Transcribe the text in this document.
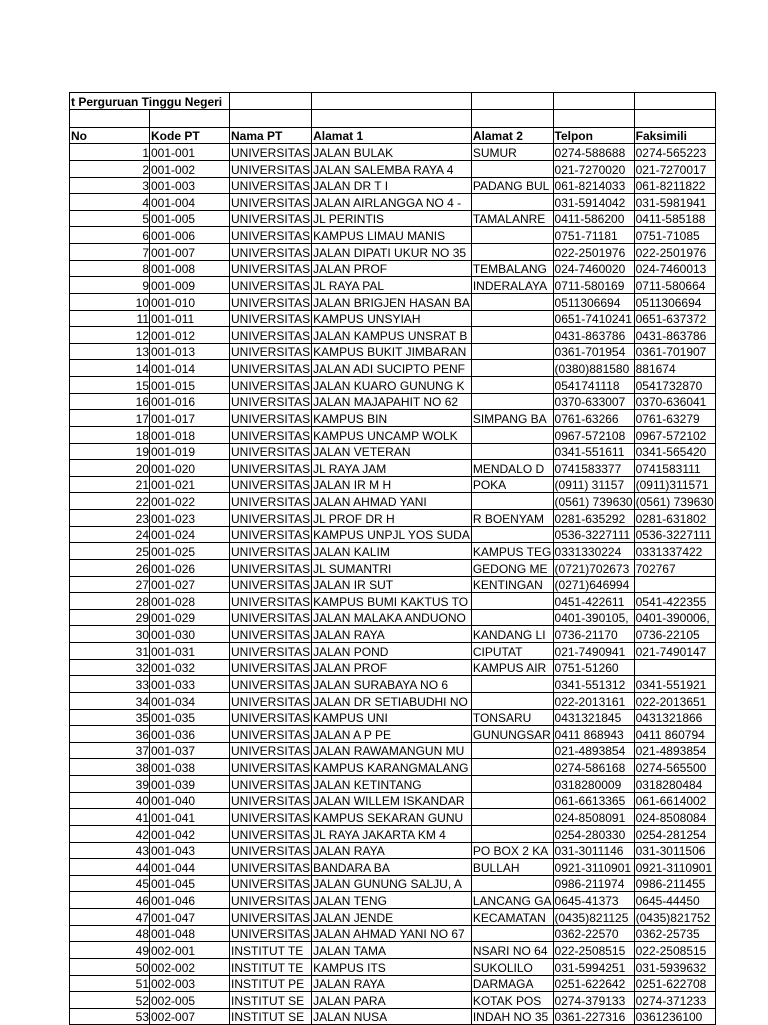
t Perguruan Tinggu Negeri						

No	Kode PT	Nama PT	Alamat 1	Alamat 2	Telpon	Faksimili
1	001-001	UNIVERSITAS	JALAN BULAK	SUMUR	0274-588688	0274-565223
2	001-002	UNIVERSITAS	JALAN SALEMBA RAYA 4		021-7270020	021-7270017
3	001-003	UNIVERSITAS	JALAN DR T I	PADANG BUL	061-8214033	061-8211822
4	001-004	UNIVERSITAS	JALAN AIRLANGGA NO 4 -		031-5914042	031-5981941
5	001-005	UNIVERSITAS	JL PERINTIS	TAMALANRE	0411-586200	0411-585188
6	001-006	UNIVERSITAS	KAMPUS LIMAU MANIS		0751-71181	0751-71085
7	001-007	UNIVERSITAS	JALAN DIPATI UKUR NO 35		022-2501976	022-2501976
8	001-008	UNIVERSITAS	JALAN PROF	TEMBALANG	024-7460020	024-7460013
9	001-009	UNIVERSITAS	JL RAYA PAL	INDERALAYA	0711-580169	0711-580664
10	001-010	UNIVERSITAS	JALAN BRIGJEN HASAN BA		0511306694	0511306694
11	001-011	UNIVERSITAS	KAMPUS UNSYIAH		0651-7410241	0651-637372
12	001-012	UNIVERSITAS	JALAN KAMPUS UNSRAT B		0431-863786	0431-863786
13	001-013	UNIVERSITAS	KAMPUS BUKIT JIMBARAN		0361-701954	0361-701907
14	001-014	UNIVERSITAS	JALAN ADI SUCIPTO PENF		(0380)881580	881674
15	001-015	UNIVERSITAS	JALAN KUARO GUNUNG K		0541741118	0541732870
16	001-016	UNIVERSITAS	JALAN MAJAPAHIT NO 62		0370-633007	0370-636041
17	001-017	UNIVERSITAS	KAMPUS BIN	SIMPANG BA	0761-63266	0761-63279
18	001-018	UNIVERSITAS	KAMPUS UNCAMP WOLK		0967-572108	0967-572102
19	001-019	UNIVERSITAS	JALAN VETERAN		0341-551611	0341-565420
20	001-020	UNIVERSITAS	JL RAYA JAM	MENDALO D	0741583377	0741583111
21	001-021	UNIVERSITAS	JALAN IR M H	POKA	(0911) 31157	(0911)311571
22	001-022	UNIVERSITAS	JALAN AHMAD YANI		(0561) 739630	(0561) 739630
23	001-023	UNIVERSITAS	JL PROF DR H	R BOENYAM	0281-635292	0281-631802
24	001-024	UNIVERSITAS	KAMPUS UNPJL YOS SUDA		0536-3227111	0536-3227111
25	001-025	UNIVERSITAS	JALAN KALIM	KAMPUS TEG	0331330224	0331337422
26	001-026	UNIVERSITAS	JL SUMANTRI	GEDONG ME	(0721)702673	702767
27	001-027	UNIVERSITAS	JALAN IR SUT	KENTINGAN	(0271)646994	
28	001-028	UNIVERSITAS	KAMPUS BUMI KAKTUS TO		0451-422611	0541-422355
29	001-029	UNIVERSITAS	JALAN MALAKA ANDUONO		0401-390105,	0401-390006,
30	001-030	UNIVERSITAS	JALAN RAYA	KANDANG LI	0736-21170	0736-22105
31	001-031	UNIVERSITAS	JALAN POND	CIPUTAT	021-7490941	021-7490147
32	001-032	UNIVERSITAS	JALAN PROF	KAMPUS AIR	0751-51260	
33	001-033	UNIVERSITAS	JALAN SURABAYA NO 6		0341-551312	0341-551921
34	001-034	UNIVERSITAS	JALAN DR SETIABUDHI NO		022-2013161	022-2013651
35	001-035	UNIVERSITAS	KAMPUS UNI	TONSARU	0431321845	0431321866
36	001-036	UNIVERSITAS	JALAN A P PE	GUNUNGSAR	0411 868943	0411 860794
37	001-037	UNIVERSITAS	JALAN RAWAMANGUN MU		021-4893854	021-4893854
38	001-038	UNIVERSITAS	KAMPUS KARANGMALANG		0274-586168	0274-565500
39	001-039	UNIVERSITAS	JALAN KETINTANG		0318280009	0318280484
40	001-040	UNIVERSITAS	JALAN WILLEM ISKANDAR		061-6613365	061-6614002
41	001-041	UNIVERSITAS	KAMPUS SEKARAN GUNU		024-8508091	024-8508084
42	001-042	UNIVERSITAS	JL RAYA JAKARTA KM 4		0254-280330	0254-281254
43	001-043	UNIVERSITAS	JALAN RAYA	PO BOX 2 KA	031-3011146	031-3011506
44	001-044	UNIVERSITAS	BANDARA BA	BULLAH	0921-3110901	0921-3110901
45	001-045	UNIVERSITAS	JALAN GUNUNG SALJU, A		0986-211974	0986-211455
46	001-046	UNIVERSITAS	JALAN TENG	LANCANG GA	0645-41373	0645-44450
47	001-047	UNIVERSITAS	JALAN JENDE	KECAMATAN	(0435)821125	(0435)821752
48	001-048	UNIVERSITAS	JALAN AHMAD YANI NO 67		0362-22570	0362-25735
49	002-001	INSTITUT TE	JALAN TAMA	NSARI NO 64	022-2508515	022-2508515
50	002-002	INSTITUT TE	KAMPUS ITS	SUKOLILO	031-5994251	031-5939632
51	002-003	INSTITUT PE	JALAN RAYA	DARMAGA	0251-622642	0251-622708
52	002-005	INSTITUT SE	JALAN PARA	KOTAK POS	0274-379133	0274-371233
53	002-007	INSTITUT SE	JALAN NUSA	INDAH NO 35	0361-227316	0361236100
